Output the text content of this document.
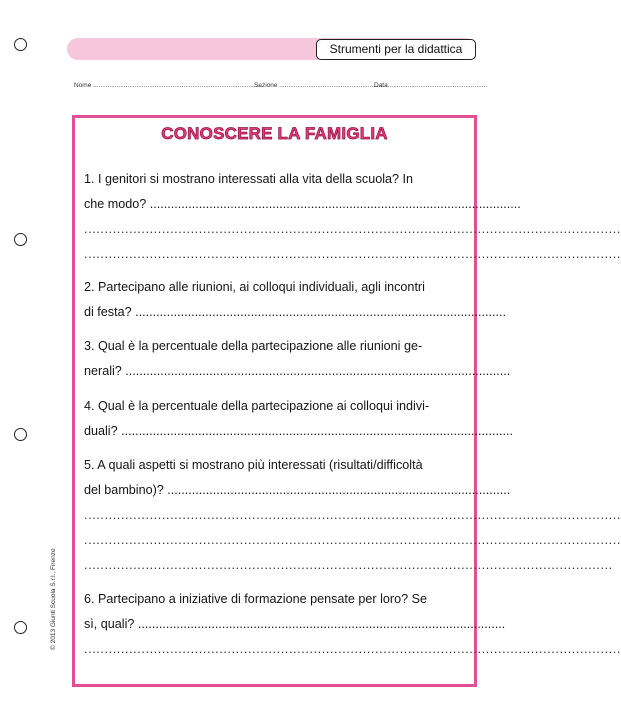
Strumenti per la didattica
Nome ..............................................................................................
Sezione .............................................................
Data ......................................................
CONOSCERE LA FAMIGLIA
1. I genitori si mostrano interessati alla vita della scuola? In
che modo? ..........................................................................................................
...................................................................................................................................
...................................................................................................................................
2. Partecipano alle riunioni, ai colloqui individuali, agli incontri
di festa? ..........................................................................................................
3. Qual è la percentuale della partecipazione alle riunioni ge-
nerali? ..............................................................................................................
4. Qual è la percentuale della partecipazione ai colloqui indivi-
duali? ................................................................................................................
5. A quali aspetti si mostrano più interessati (risultati/difficoltà
del bambino)? ..................................................................................................
...................................................................................................................................
...................................................................................................................................
.................................................................................................................................
6. Partecipano a iniziative di formazione pensate per loro? Se
sì, quali? .........................................................................................................
...................................................................................................................................
© 2013 Giunti Scuola S.r.l., Firenze
